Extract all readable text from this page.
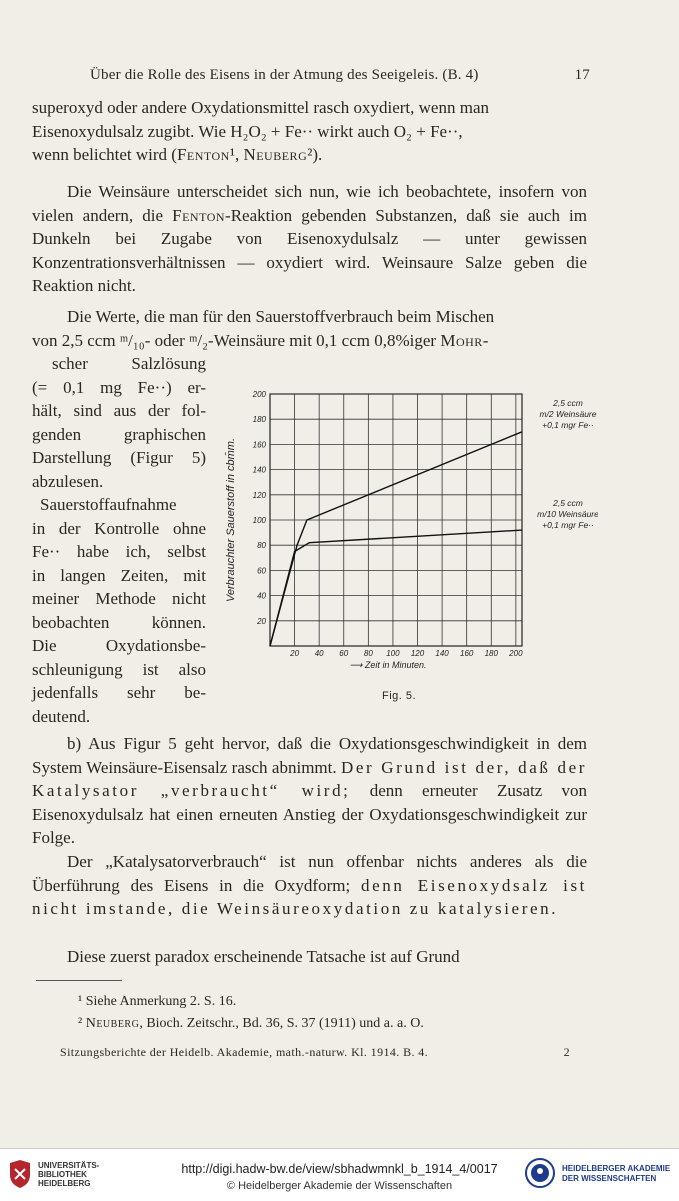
Über die Rolle des Eisens in der Atmung des Seeigeleis. (B. 4)	17
superoxyd oder andere Oxydationsmittel rasch oxydiert, wenn man
Eisenoxydulsalz zugibt. Wie H₂O₂ + Fe·· wirkt auch O₂ + Fe··,
wenn belichtet wird (Fenton¹, Neuberg²).
Die Weinsäure unterscheidet sich nun, wie ich beobachtete, insofern von vielen andern, die Fenton-Reaktion gebenden Substanzen, daß sie auch im Dunkeln bei Zugabe von Eisenoxydulsalz — unter gewissen Konzentrationsverhältnissen — oxydiert wird. Weinsaure Salze geben die Reaktion nicht.
Die Werte, die man für den Sauerstoffverbrauch beim Mischen
von 2,5 ccm ᵐ/₁₀- oder ᵐ/₂-Weinsäure mit 0,1 ccm 0,8%iger Mohr-
scher Salzlösung
(= 0,1 mg Fe··) er-
hält, sind aus der fol-
genden graphischen
Darstellung (Figur 5)
abzulesen.
Sauerstoffaufnahme
in der Kontrolle ohne
Fe·· habe ich, selbst
in langen Zeiten, mit
meiner Methode nicht
beobachten können.
Die Oxydationsbe-
schleunigung ist also
jedenfalls sehr be-
deutend.
20 40 60 80 100 120 140 160 180 200
20
40
60
80
100
120
140
160
180
200
⟶ Zeit in Minuten.
Verbrauchter Sauerstoff in cbm̄m.
2,5 ccm
m/2 Weinsäure
+0,1 mgr Fe··
2,5 ccm
m/10 Weinsäure
+0,1 mgr Fe··
Fig. 5.
b) Aus Figur 5 geht hervor, daß die Oxydationsgeschwindigkeit in dem System Weinsäure-Eisensalz rasch abnimmt. Der Grund ist der, daß der Katalysator „verbraucht“ wird; denn erneuter Zusatz von Eisenoxydulsalz hat einen erneuten Anstieg der Oxydationsgeschwindigkeit zur Folge.
Der „Katalysatorverbrauch“ ist nun offenbar nichts anderes als die Überführung des Eisens in die Oxydform; denn Eisenoxydsalz ist nicht imstande, die Weinsäureoxydation zu katalysieren.
Diese zuerst paradox erscheinende Tatsache ist auf Grund
¹ Siehe Anmerkung 2. S. 16.
² Neuberg, Bioch. Zeitschr., Bd. 36, S. 37 (1911) und a. a. O.
Sitzungsberichte der Heidelb. Akademie, math.-naturw. Kl. 1914. B. 4.	2
UNIVERSITÄTS-
BIBLIOTHEK
HEIDELBERG
http://digi.hadw-bw.de/view/sbhadwmnkl_b_1914_4/0017
© Heidelberger Akademie der Wissenschaften
HEIDELBERGER AKADEMIE
DER WISSENSCHAFTEN
